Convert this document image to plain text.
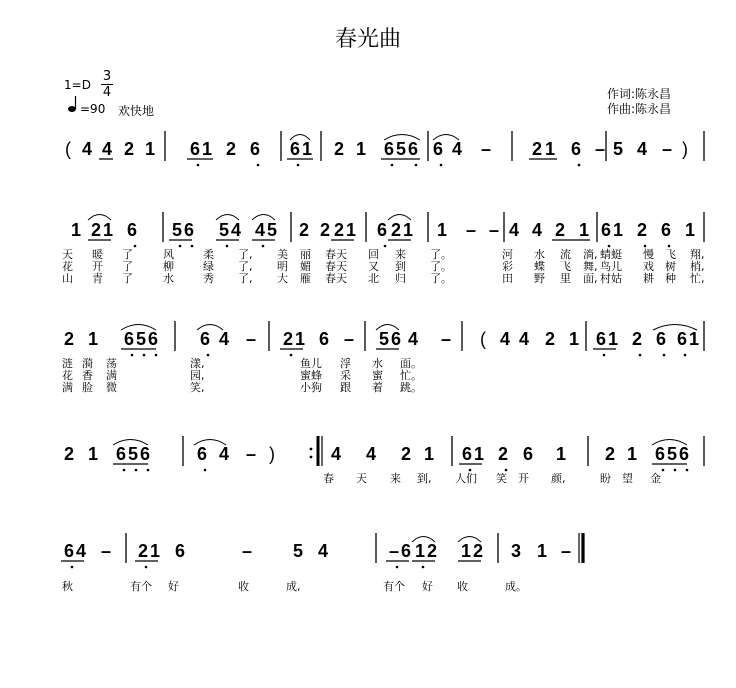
春光曲
1=D
3
4
=90 欢快地
作词:陈永昌
作曲:陈永昌
( 4 4 2 1 6 1 2 6 6 1 2 1 6 5 6 6 4 – 2 1 6 – 5 4 – )
1 2 1 6 5 6 5 4 4 5 2 2 2 1 6 2 1 1 – – 4 4 2 1 6 1 2 6 1
2 1 6 5 6 6 4 – 2 1 6 – 5 6 4 – ( 4 4 2 1 6 1 2 6 6 1
2 1 6 5 6	6 4 – )	4 4 2 1 6 1 2 6 1 2 1 6 5 6
6 4 – 2 1 6	– 5 4	– 6 1 2 1 2 3 1 –
天 暖 了	风	柔 了, 美 丽 春天 回 来 了。	河 水 流 淌, 蜻蜓 慢 飞 翔,
花 开 了	柳	绿 了, 明 媚 春天 又 到 了。	彩 蝶 飞 舞, 鸟儿 戏 树 梢,
山 青 了	水	秀 了, 大 雁 春天 北 归 了。	田 野 里 面, 村姑 耕 种 忙,
涟 漪 荡	漾,	鱼儿 浮 水 面。
花 香 满	园,	蜜蜂 采 蜜 忙。
满 脸 微	笑,	小狗 跟 着 跳。
春 天 来 到, 人们 笑 开 颜,	盼 望 金
秋	有个 好	收	成,	有个 好 收	成。
